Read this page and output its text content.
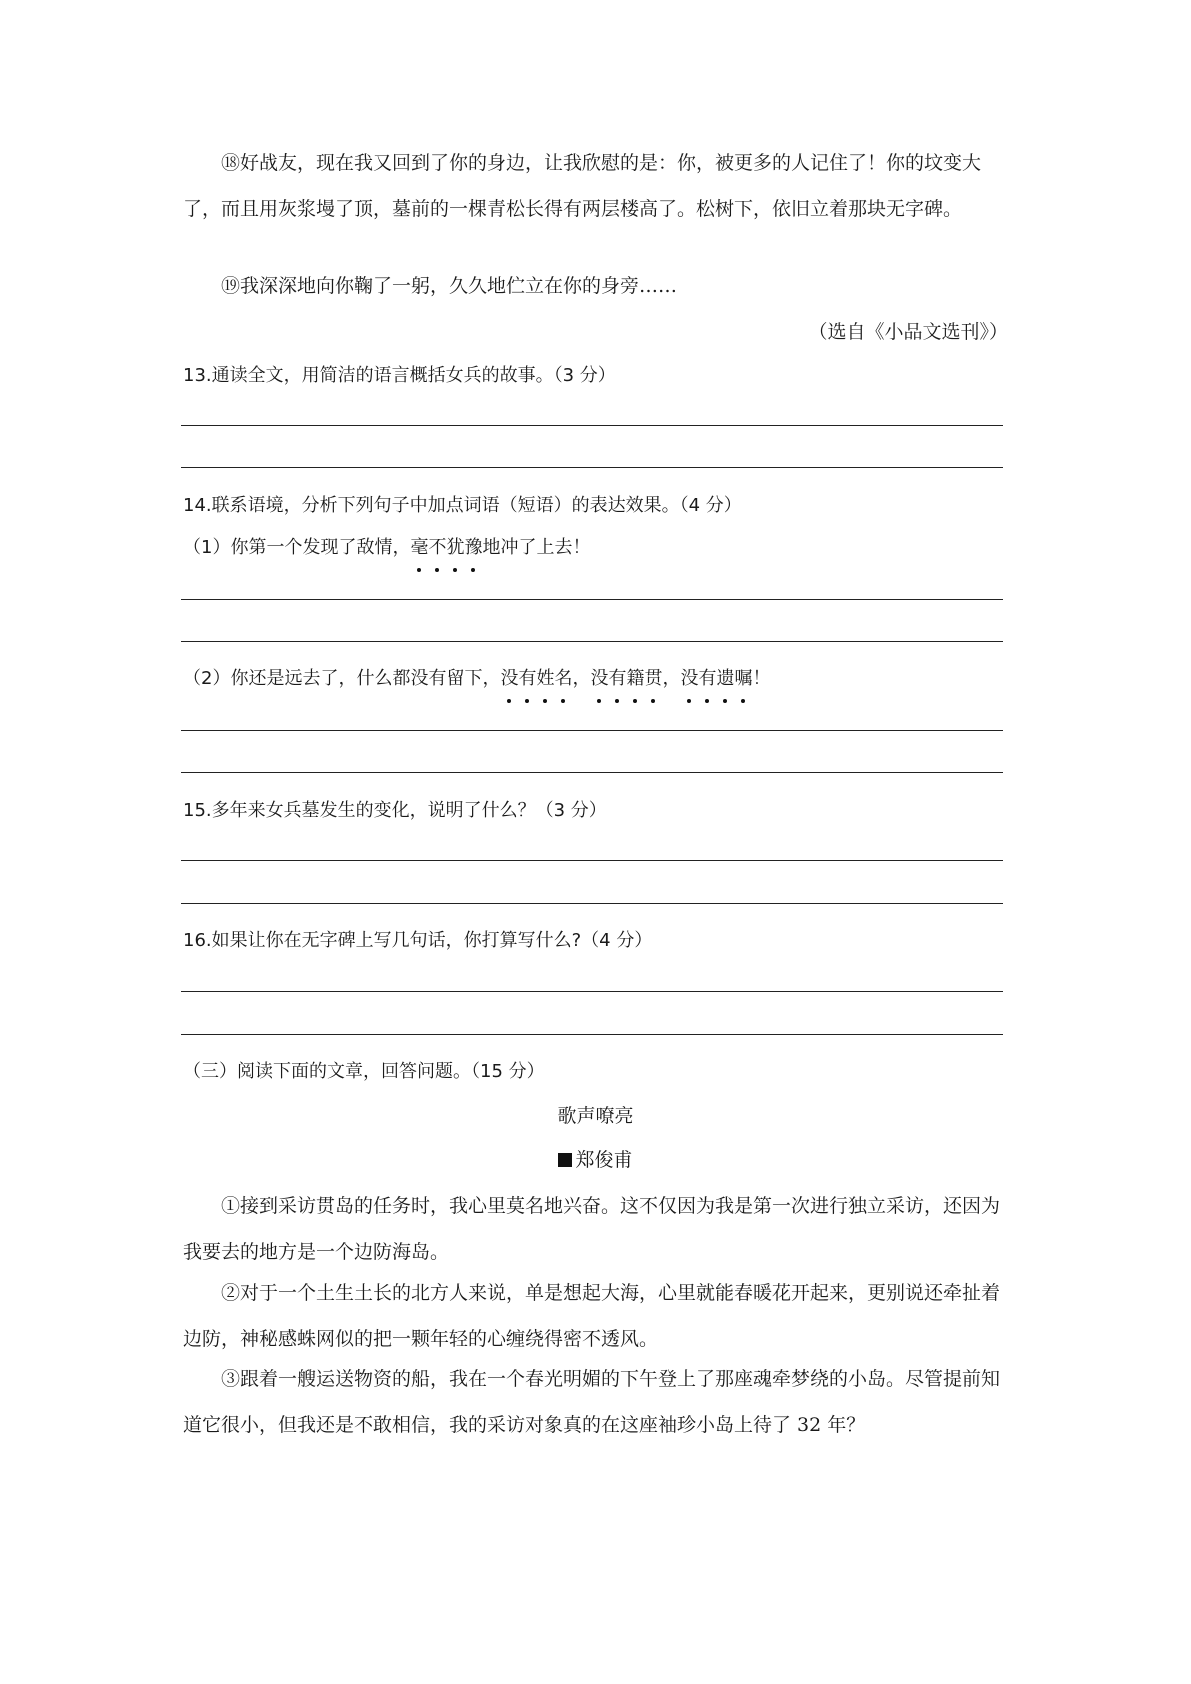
⑱好战友，现在我又回到了你的身边，让我欣慰的是：你，被更多的人记住了！你的坟变大了，而且用灰浆墁了顶，墓前的一棵青松长得有两层楼高了。松树下，依旧立着那块无字碑。

⑲我深深地向你鞠了一躬，久久地伫立在你的身旁……

（选自《小品文选刊》）
13.通读全文，用简洁的语言概括女兵的故事。（3 分）
14.联系语境，分析下列句子中加点词语（短语）的表达效果。（4 分）
（1）你第一个发现了敌情，毫不犹豫地冲了上去！
（2）你还是远去了，什么都没有留下，没有姓名，没有籍贯，没有遗嘱！
15.多年来女兵墓发生的变化，说明了什么？（3 分）
16.如果让你在无字碑上写几句话，你打算写什么?（4 分）
（三）阅读下面的文章，回答问题。（15 分）
歌声嘹亮
郑俊甫

①接到采访贯岛的任务时，我心里莫名地兴奋。这不仅因为我是第一次进行独立采访，还因为我要去的地方是一个边防海岛。

②对于一个土生土长的北方人来说，单是想起大海，心里就能春暖花开起来，更别说还牵扯着边防，神秘感蛛网似的把一颗年轻的心缠绕得密不透风。

③跟着一艘运送物资的船，我在一个春光明媚的下午登上了那座魂牵梦绕的小岛。尽管提前知道它很小，但我还是不敢相信，我的采访对象真的在这座袖珍小岛上待了 32 年？
